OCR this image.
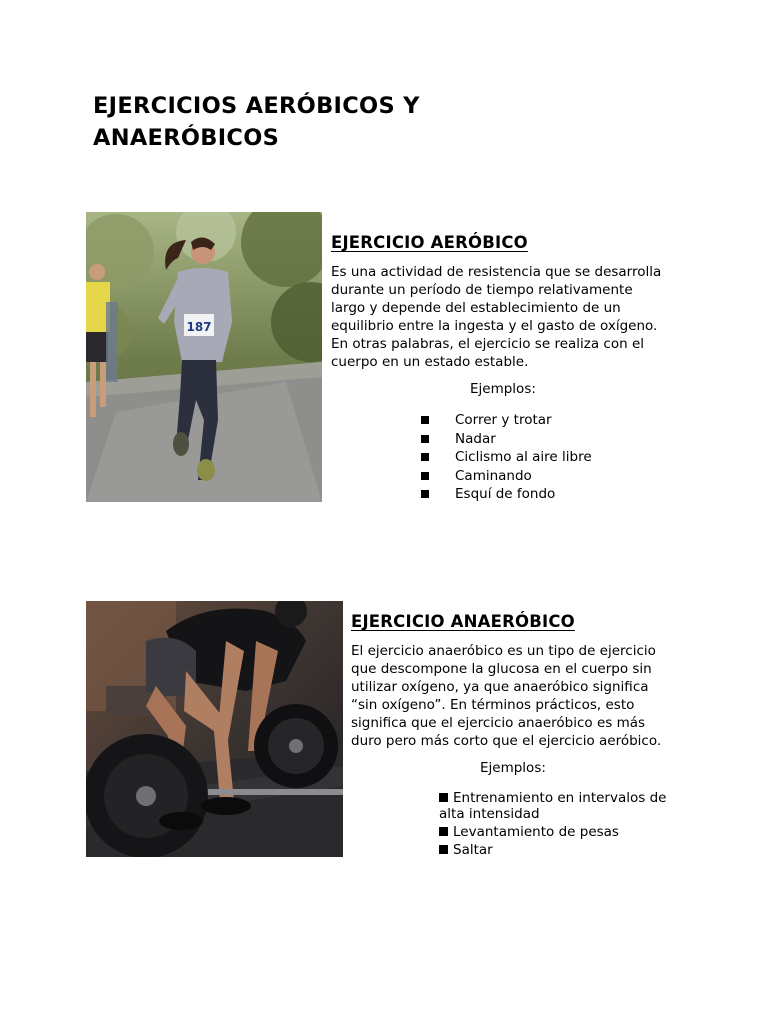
EJERCICIOS AERÓBICOS Y
ANAERÓBICOS
187
EJERCICIO AERÓBICO
Es una actividad de resistencia que se desarrolla
durante un período de tiempo relativamente
largo y depende del establecimiento de un
equilibrio entre la ingesta y el gasto de oxígeno.
En otras palabras, el ejercicio se realiza con el
cuerpo en un estado estable.
Ejemplos:
Correr y trotar
Nadar
Ciclismo al aire libre
Caminando
Esquí de fondo
EJERCICIO ANAERÓBICO
El ejercicio anaeróbico es un tipo de ejercicio
que descompone la glucosa en el cuerpo sin
utilizar oxígeno, ya que anaeróbico significa
“sin oxígeno”. En términos prácticos, esto
significa que el ejercicio anaeróbico es más
duro pero más corto que el ejercicio aeróbico.
Ejemplos:
Entrenamiento en intervalos de alta intensidad
Levantamiento de pesas
Saltar
